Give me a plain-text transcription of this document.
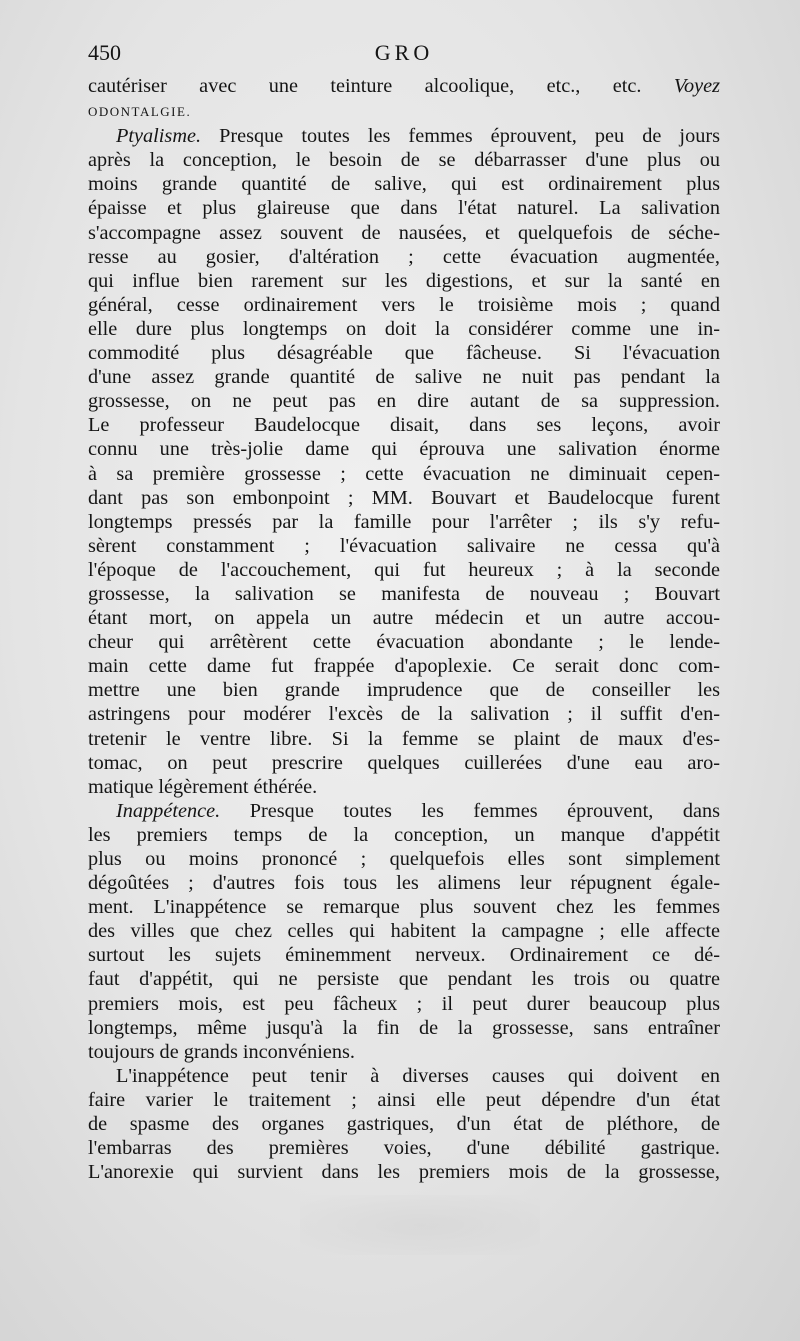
450	GRO
cautériser avec une teinture alcoolique, etc., etc. Voyez
ODONTALGIE.
Ptyalisme. Presque toutes les femmes éprouvent, peu de jours
après la conception, le besoin de se débarrasser d'une plus ou
moins grande quantité de salive, qui est ordinairement plus
épaisse et plus glaireuse que dans l'état naturel. La salivation
s'accompagne assez souvent de nausées, et quelquefois de séche-
resse au gosier, d'altération ; cette évacuation augmentée,
qui influe bien rarement sur les digestions, et sur la santé en
général, cesse ordinairement vers le troisième mois ; quand
elle dure plus longtemps on doit la considérer comme une in-
commodité plus désagréable que fâcheuse. Si l'évacuation
d'une assez grande quantité de salive ne nuit pas pendant la
grossesse, on ne peut pas en dire autant de sa suppression.
Le professeur Baudelocque disait, dans ses leçons, avoir
connu une très-jolie dame qui éprouva une salivation énorme
à sa première grossesse ; cette évacuation ne diminuait cepen-
dant pas son embonpoint ; MM. Bouvart et Baudelocque furent
longtemps pressés par la famille pour l'arrêter ; ils s'y refu-
sèrent constamment ; l'évacuation salivaire ne cessa qu'à
l'époque de l'accouchement, qui fut heureux ; à la seconde
grossesse, la salivation se manifesta de nouveau ; Bouvart
étant mort, on appela un autre médecin et un autre accou-
cheur qui arrêtèrent cette évacuation abondante ; le lende-
main cette dame fut frappée d'apoplexie. Ce serait donc com-
mettre une bien grande imprudence que de conseiller les
astringens pour modérer l'excès de la salivation ; il suffit d'en-
tretenir le ventre libre. Si la femme se plaint de maux d'es-
tomac, on peut prescrire quelques cuillerées d'une eau aro-
matique légèrement éthérée.
Inappétence. Presque toutes les femmes éprouvent, dans
les premiers temps de la conception, un manque d'appétit
plus ou moins prononcé ; quelquefois elles sont simplement
dégoûtées ; d'autres fois tous les alimens leur répugnent égale-
ment. L'inappétence se remarque plus souvent chez les femmes
des villes que chez celles qui habitent la campagne ; elle affecte
surtout les sujets éminemment nerveux. Ordinairement ce dé-
faut d'appétit, qui ne persiste que pendant les trois ou quatre
premiers mois, est peu fâcheux ; il peut durer beaucoup plus
longtemps, même jusqu'à la fin de la grossesse, sans entraîner
toujours de grands inconvéniens.
L'inappétence peut tenir à diverses causes qui doivent en
faire varier le traitement ; ainsi elle peut dépendre d'un état
de spasme des organes gastriques, d'un état de pléthore, de
l'embarras des premières voies, d'une débilité gastrique.
L'anorexie qui survient dans les premiers mois de la grossesse,
